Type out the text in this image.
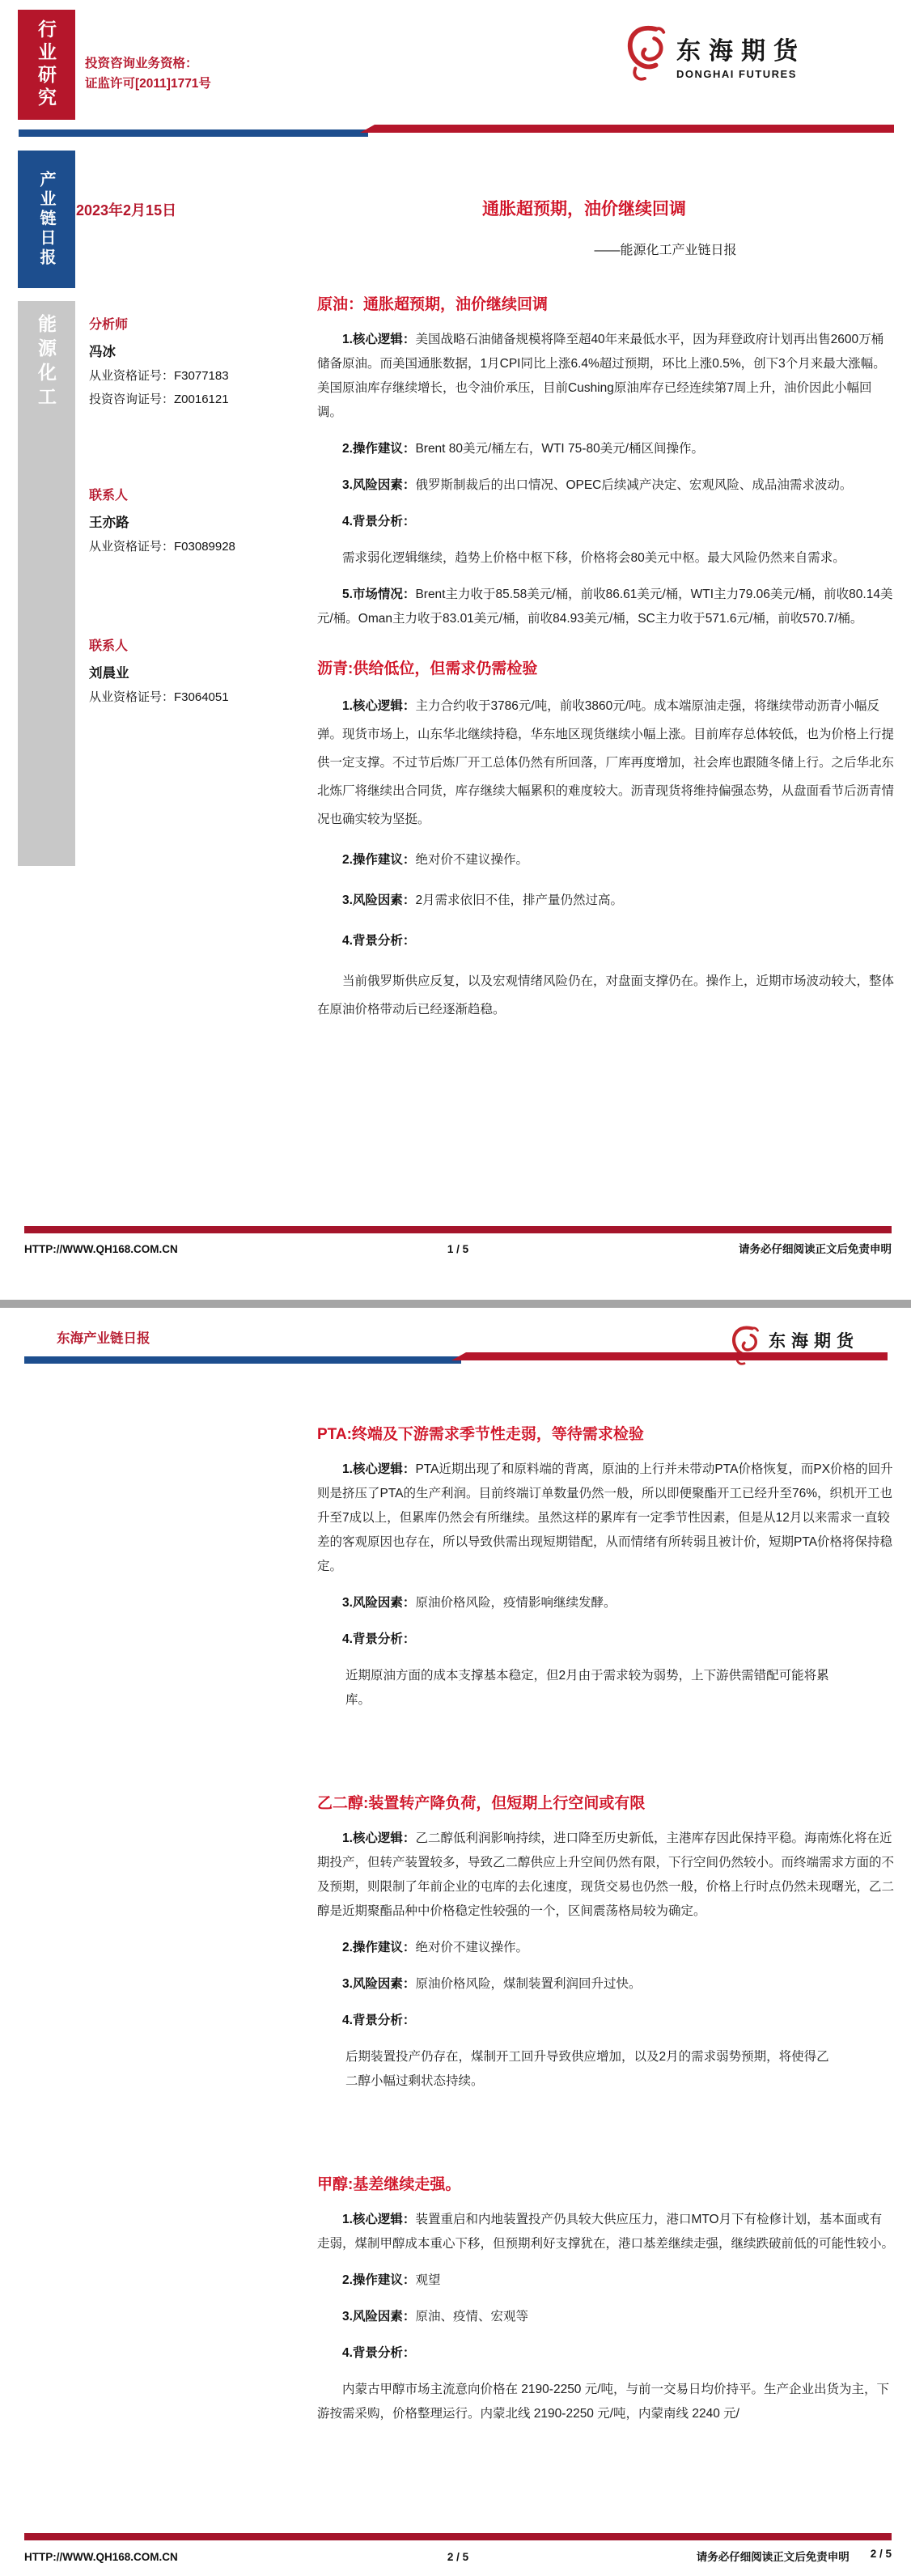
行业研究 投资咨询业务资格：
证监许可[2011]1771号
东海期货
DONGHAI FUTURES
产业链日报 2023年2月15日	通胀超预期，油价继续回调
——能源化工产业链日报
能源化工	分析师
冯冰
从业资格证号：F3077183
投资咨询证号：Z0016121
联系人
王亦路
从业资格证号：F03089928
联系人
刘晨业
从业资格证号：F3064051
原油：通胀超预期，油价继续回调

1.核心逻辑：美国战略石油储备规模将降至超40年来最低水平，因为拜登政府计划再出售2600万桶储备原油。而美国通胀数据，1月CPI同比上涨6.4%超过预期，环比上涨0.5%，创下3个月来最大涨幅。美国原油库存继续增长，也令油价承压，目前Cushing原油库存已经连续第7周上升，油价因此小幅回调。

2.操作建议：Brent 80美元/桶左右，WTI 75-80美元/桶区间操作。

3.风险因素：俄罗斯制裁后的出口情况、OPEC后续减产决定、宏观风险、成品油需求波动。

4.背景分析：

需求弱化逻辑继续，趋势上价格中枢下移，价格将会80美元中枢。最大风险仍然来自需求。

5.市场情况：Brent主力收于85.58美元/桶，前收86.61美元/桶，WTI主力79.06美元/桶，前收80.14美元/桶。Oman主力收于83.01美元/桶，前收84.93美元/桶，SC主力收于571.6元/桶，前收570.7/桶。

沥青:供给低位，但需求仍需检验

1.核心逻辑：主力合约收于3786元/吨，前收3860元/吨。成本端原油走强，将继续带动沥青小幅反弹。现货市场上，山东华北继续持稳，华东地区现货继续小幅上涨。目前库存总体较低，也为价格上行提供一定支撑。不过节后炼厂开工总体仍然有所回落，厂库再度增加，社会库也跟随冬储上行。之后华北东北炼厂将继续出合同货，库存继续大幅累积的难度较大。沥青现货将维持偏强态势，从盘面看节后沥青情况也确实较为坚挺。

2.操作建议：绝对价不建议操作。

3.风险因素：2月需求依旧不佳，排产量仍然过高。

4.背景分析：

当前俄罗斯供应反复，以及宏观情绪风险仍在，对盘面支撑仍在。操作上，近期市场波动较大，整体在原油价格带动后已经逐渐趋稳。

HTTP://WWW.QH168.COM.CN	1 / 5	请务必仔细阅读正文后免责申明
东海产业链日报	东海期货
PTA:终端及下游需求季节性走弱，等待需求检验

1.核心逻辑：PTA近期出现了和原料端的背离，原油的上行并未带动PTA价格恢复，而PX价格的回升则是挤压了PTA的生产利润。目前终端订单数量仍然一般，所以即便聚酯开工已经升至76%，织机开工也升至7成以上，但累库仍然会有所继续。虽然这样的累库有一定季节性因素，但是从12月以来需求一直较差的客观原因也存在，所以导致供需出现短期错配，从而情绪有所转弱且被计价，短期PTA价格将保持稳定。

3.风险因素：原油价格风险，疫情影响继续发酵。

4.背景分析：

近期原油方面的成本支撑基本稳定，但2月由于需求较为弱势，上下游供需错配可能将累库。

乙二醇:装置转产降负荷，但短期上行空间或有限

1.核心逻辑：乙二醇低利润影响持续，进口降至历史新低，主港库存因此保持平稳。海南炼化将在近期投产，但转产装置较多，导致乙二醇供应上升空间仍然有限，下行空间仍然较小。而终端需求方面的不及预期，则限制了年前企业的屯库的去化速度，现货交易也仍然一般，价格上行时点仍然未现曙光，乙二醇是近期聚酯品种中价格稳定性较强的一个，区间震荡格局较为确定。

2.操作建议：绝对价不建议操作。

3.风险因素：原油价格风险，煤制装置利润回升过快。

4.背景分析：

后期装置投产仍存在，煤制开工回升导致供应增加，以及2月的需求弱势预期，将使得乙二醇小幅过剩状态持续。

甲醇:基差继续走强。

1.核心逻辑：装置重启和内地装置投产仍具较大供应压力，港口MTO月下有检修计划，基本面或有走弱，煤制甲醇成本重心下移，但预期利好支撑犹在，港口基差继续走强，继续跌破前低的可能性较小。

2.操作建议：观望

3.风险因素：原油、疫情、宏观等

4.背景分析：

内蒙古甲醇市场主流意向价格在 2190-2250 元/吨，与前一交易日均价持平。生产企业出货为主，下游按需采购，价格整理运行。内蒙北线 2190-2250 元/吨，内蒙南线 2240 元/

HTTP://WWW.QH168.COM.CN	2 / 5	请务必仔细阅读正文后免责申明 2 / 5
